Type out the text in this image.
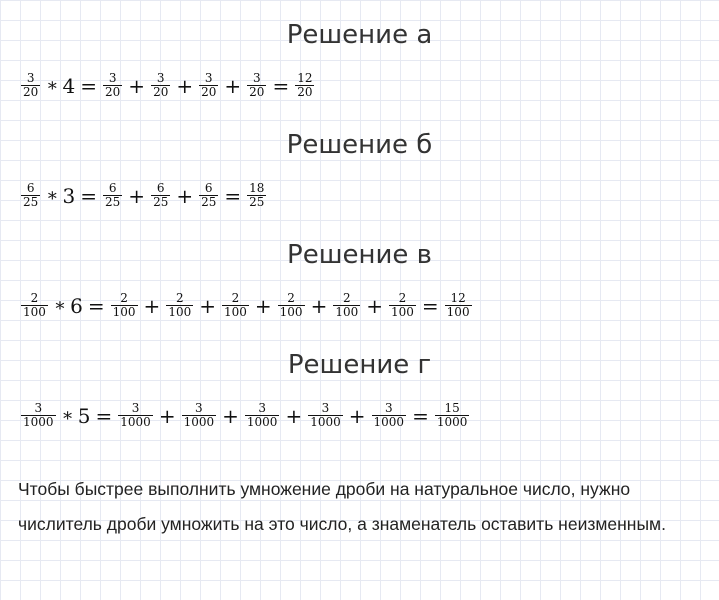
Решение а
$\frac{3}{20}$ ∗ $4 = \frac{3}{20} + \frac{3}{20} + \frac{3}{20} + \frac{3}{20} = \frac{12}{20}$
Решение б
$\frac{6}{25}$ ∗ $3 = \frac{6}{25} + \frac{6}{25} + \frac{6}{25} = \frac{18}{25}$
Решение в
$\frac{2}{100}$ ∗ $6 = \frac{2}{100} + \frac{2}{100} + \frac{2}{100} + \frac{2}{100} + \frac{2}{100} + \frac{2}{100} = \frac{12}{100}$
Решение г
$\frac{3}{1000}$ ∗ $5 = \frac{3}{1000} + \frac{3}{1000} + \frac{3}{1000} + \frac{3}{1000} + \frac{3}{1000} = \frac{15}{1000}$

Чтобы быстрее выполнить умножение дроби на натуральное число, нужно числитель дроби умножить на это число, а знаменатель оставить неизменным.
